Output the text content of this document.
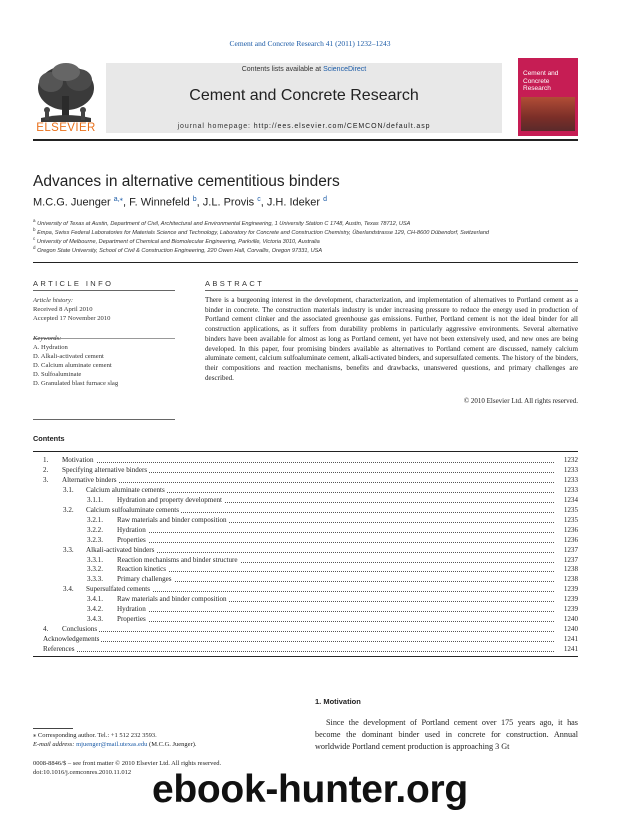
Cement and Concrete Research 41 (2011) 1232–1243
ELSEVIER
Contents lists available at ScienceDirect
Cement and Concrete Research
journal homepage: http://ees.elsevier.com/CEMCON/default.asp
Cement and
Concrete
Research
Advances in alternative cementitious binders
M.C.G. Juenger $^{a,⁎}$, F. Winnefeld $^b$, J.L. Provis $^c$, J.H. Ideker $^d$
$^a$ University of Texas at Austin, Department of Civil, Architectural and Environmental Engineering, 1 University Station C 1748, Austin, Texas 78712, USA
$^b$ Empa, Swiss Federal Laboratories for Materials Science and Technology, Laboratory for Concrete and Construction Chemistry, Überlandstrasse 129, CH-8600 Dübendorf, Switzerland
$^c$ University of Melbourne, Department of Chemical and Biomolecular Engineering, Parkville, Victoria 3010, Australia
$^d$ Oregon State University, School of Civil & Construction Engineering, 220 Owen Hall, Corvallis, Oregon 97331, USA
ARTICLE INFO
Article history:
Received 8 April 2010
Accepted 17 November 2010
Keywords:
A. Hydration
D. Alkali-activated cement
D. Calcium aluminate cement
D. Sulfoaluminate
D. Granulated blast furnace slag
ABSTRACT
There is a burgeoning interest in the development, characterization, and implementation of alternatives to Portland cement as a binder in concrete. The construction materials industry is under increasing pressure to reduce the energy used in production of Portland cement clinker and the associated greenhouse gas emissions. Further, Portland cement is not the ideal binder for all construction applications, as it suffers from durability problems in particularly aggressive environments. Several alternative binders have been available for almost as long as Portland cement, yet have not been extensively used, and new ones are being developed. In this paper, four promising binders available as alternatives to Portland cement are discussed, namely calcium aluminate cement, calcium sulfoaluminate cement, alkali-activated binders, and supersulfated cements. The history of the binders, their compositions and reaction mechanisms, benefits and drawbacks, unanswered questions, and primary challenges are described.
© 2010 Elsevier Ltd. All rights reserved.
Contents
1. Motivation	1232
2. Specifying alternative binders	1233
3. Alternative binders	1233
3.1. Calcium aluminate cements	1233
3.1.1. Hydration and property development	1234
3.2. Calcium sulfoaluminate cements	1235
3.2.1. Raw materials and binder composition	1235
3.2.2. Hydration	1236
3.2.3. Properties	1236
3.3. Alkali-activated binders	1237
3.3.1. Reaction mechanisms and binder structure	1237
3.3.2. Reaction kinetics	1238
3.3.3. Primary challenges	1238
3.4. Supersulfated cements	1239
3.4.1. Raw materials and binder composition	1239
3.4.2. Hydration	1239
3.4.3. Properties	1240
4. Conclusions	1240
Acknowledgements	1241
References	1241
1. Motivation
Since the development of Portland cement over 175 years ago, it has become the dominant binder used in concrete for construction. Annual worldwide Portland cement production is approaching 3 Gt
⁎ Corresponding author. Tel.: +1 512 232 3593.
E-mail address: mjuenger@mail.utexas.edu (M.C.G. Juenger).
0008-8846/$ – see front matter © 2010 Elsevier Ltd. All rights reserved.
doi:10.1016/j.cemconres.2010.11.012 ebook-hunter.org
